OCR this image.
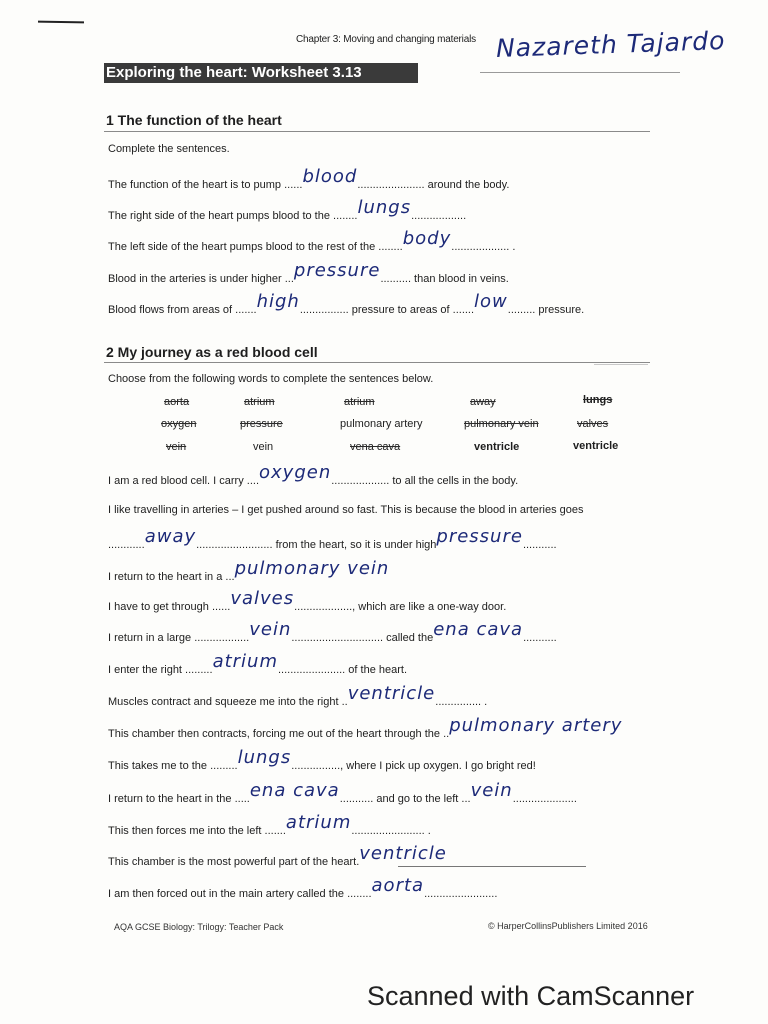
Chapter 3: Moving and changing materials Nazareth Tajardo
Exploring the heart: Worksheet 3.13
1 The function of the heart
Complete the sentences.
The function of the heart is to pump ......blood...................... around the body.
The right side of the heart pumps blood to the ........lungs..................
The left side of the heart pumps blood to the rest of the ........body................... .
Blood in the arteries is under higher ...pressure.......... than blood in veins.
Blood flows from areas of .......high................ pressure to areas of .......low......... pressure.
2 My journey as a red blood cell
Choose from the following words to complete the sentences below.
aorta	atrium	atrium	away	lungs
oxygen	pressure	pulmonary artery	pulmonary vein	valves
vein	vein	vena cava	ventricle	ventricle
I am a red blood cell. I carry ....oxygen................... to all the cells in the body.
I like travelling in arteries – I get pushed around so fast. This is because the blood in arteries goes
............away......................... from the heart, so it is under highpressure...........
I return to the heart in a ...pulmonary vein
I have to get through ......valves..................., which are like a one-way door.
I return in a large ..................vein.............................. called theena cava...........
I enter the right .........atrium...................... of the heart.
Muscles contract and squeeze me into the right ..ventricle............... .
This chamber then contracts, forcing me out of the heart through the ..pulmonary artery
This takes me to the .........lungs................, where I pick up oxygen. I go bright red!
I return to the heart in the .....ena cava........... and go to the left ...vein.....................
This then forces me into the left .......atrium........................ .
This chamber is the most powerful part of the heart.ventricle
I am then forced out in the main artery called the ........aorta........................
AQA GCSE Biology: Trilogy: Teacher Pack	© HarperCollinsPublishers Limited 2016
Scanned with CamScanner
